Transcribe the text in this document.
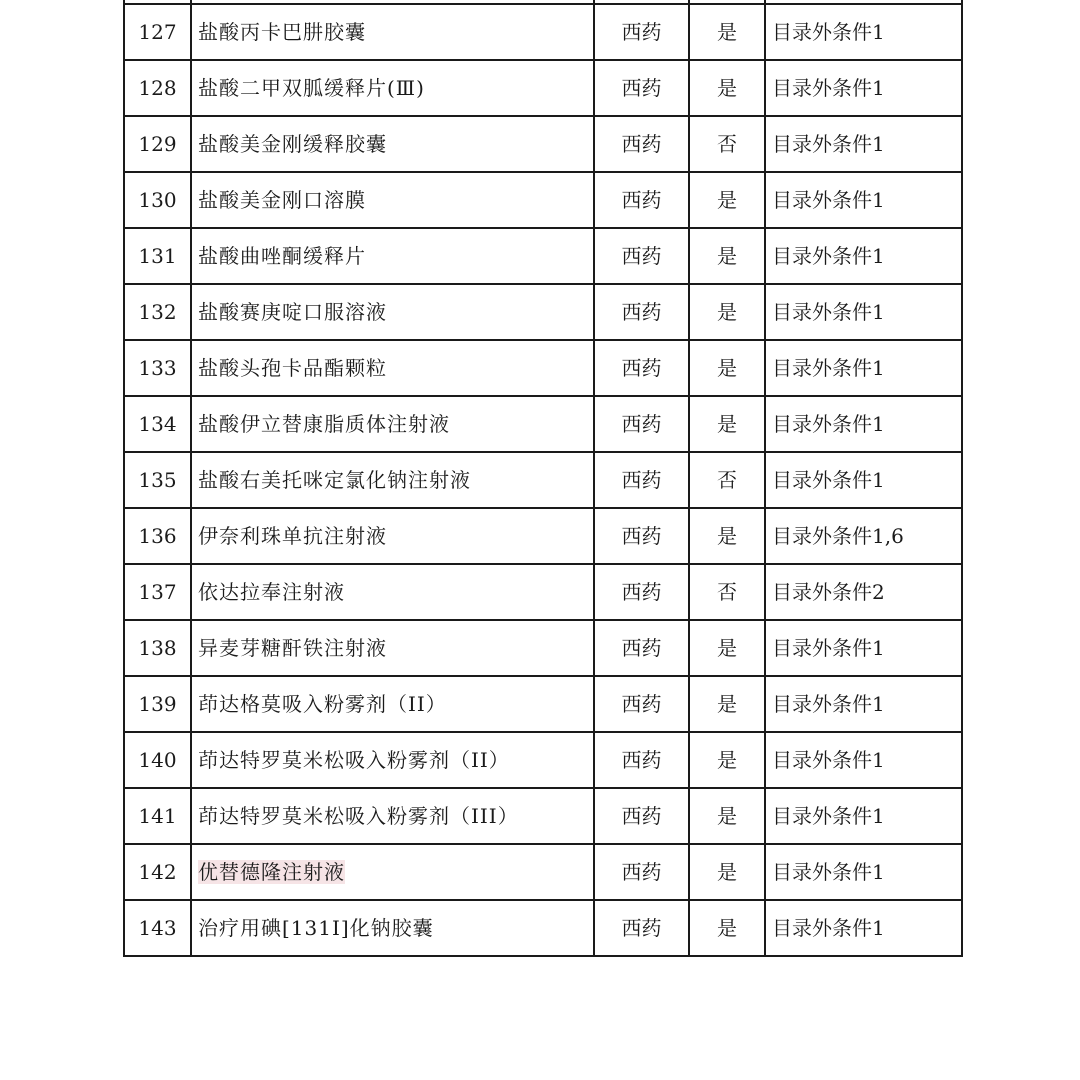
127	盐酸丙卡巴肼胶囊	西药	是	目录外条件1
128	盐酸二甲双胍缓释片(Ⅲ)	西药	是	目录外条件1
129	盐酸美金刚缓释胶囊	西药	否	目录外条件1
130	盐酸美金刚口溶膜	西药	是	目录外条件1
131	盐酸曲唑酮缓释片	西药	是	目录外条件1
132	盐酸赛庚啶口服溶液	西药	是	目录外条件1
133	盐酸头孢卡品酯颗粒	西药	是	目录外条件1
134	盐酸伊立替康脂质体注射液	西药	是	目录外条件1
135	盐酸右美托咪定氯化钠注射液	西药	否	目录外条件1
136	伊奈利珠单抗注射液	西药	是	目录外条件1,6
137	依达拉奉注射液	西药	否	目录外条件2
138	异麦芽糖酐铁注射液	西药	是	目录外条件1
139	茚达格莫吸入粉雾剂（II）	西药	是	目录外条件1
140	茚达特罗莫米松吸入粉雾剂（II）	西药	是	目录外条件1
141	茚达特罗莫米松吸入粉雾剂（III）	西药	是	目录外条件1
142	优替德隆注射液	西药	是	目录外条件1
143	治疗用碘[131I]化钠胶囊	西药	是	目录外条件1
